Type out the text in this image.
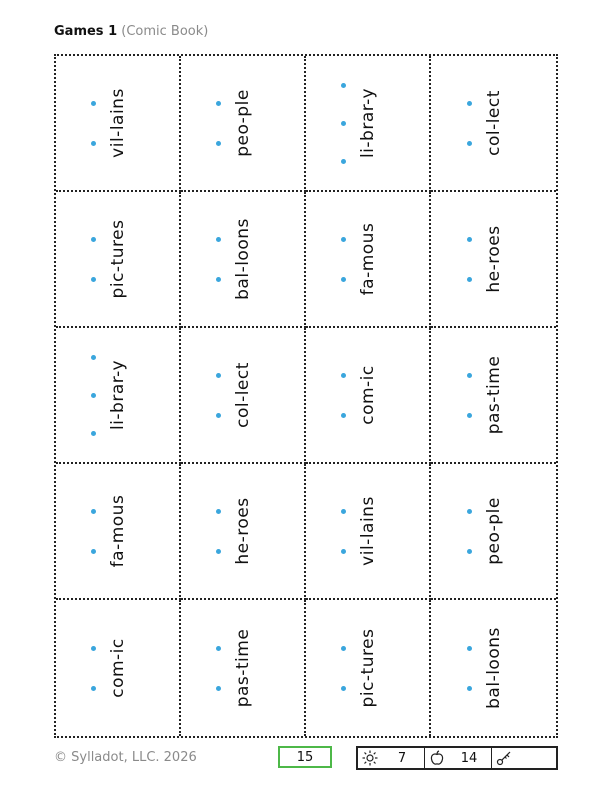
Games 1 (Comic Book)
vil-lains	peo-ple	li-brar-y	col-lect
pic-tures	bal-loons	fa-mous	he-roes
li-brar-y	col-lect	com-ic	pas-time
fa-mous	he-roes	vil-lains	peo-ple
com-ic	pas-time	pic-tures	bal-loons
© Sylladot, LLC. 2026	15	7	14
